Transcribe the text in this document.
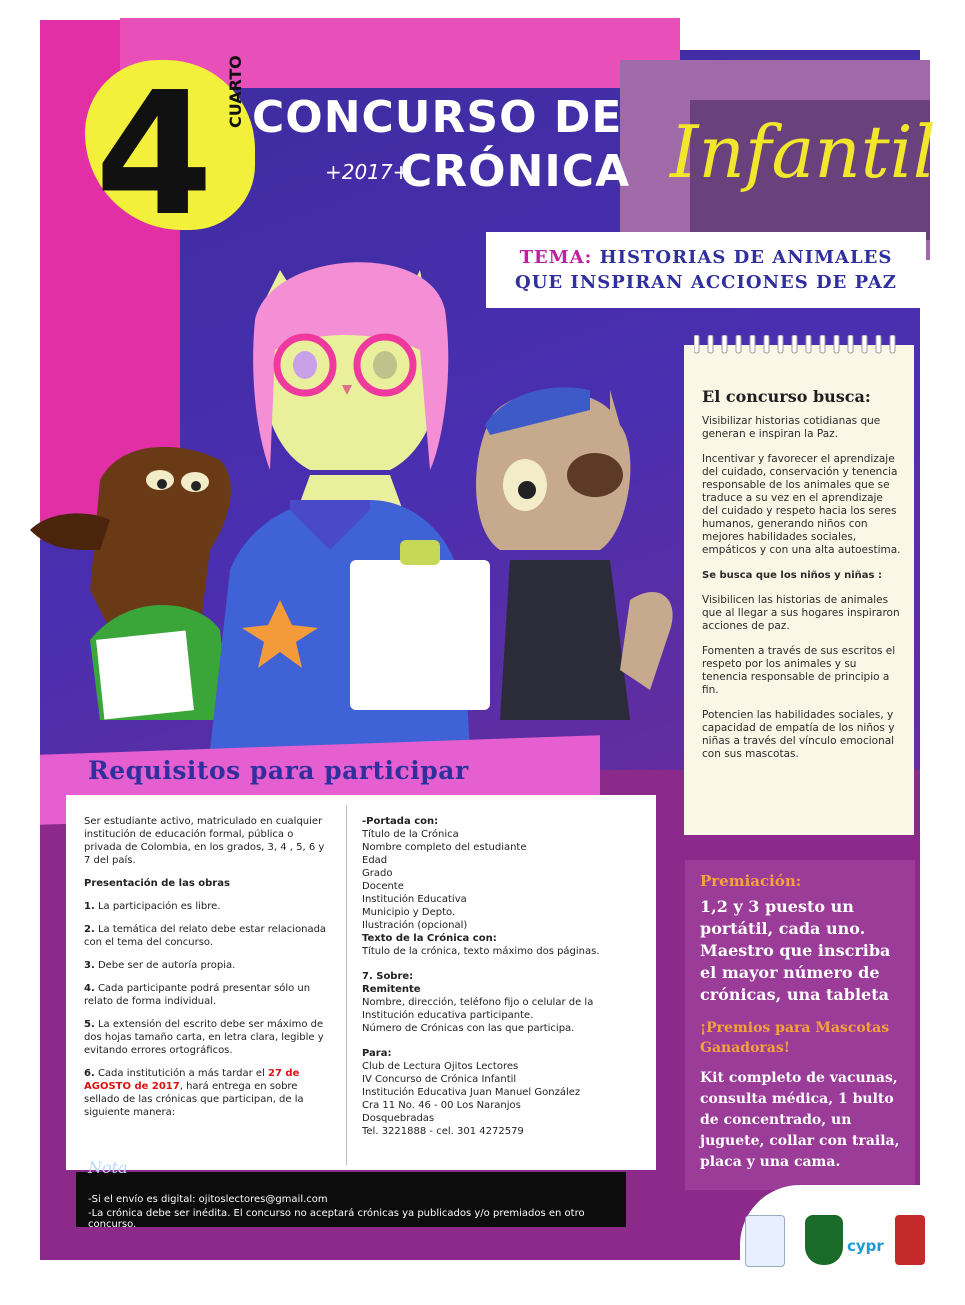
4 CUARTO CONCURSO DE
+2017+
CRÓNICA Infantil
TEMA: HISTORIAS DE ANIMALES
QUE INSPIRAN ACCIONES DE PAZ
Requisitos para participar

Ser estudiante activo, matriculado en cualquier institución de educación formal, pública o privada de Colombia, en los grados, 3, 4 , 5, 6 y 7 del país.

Presentación de las obras

1. La participación es libre.

2. La temática del relato debe estar relacionada con el tema del concurso.

3. Debe ser de autoría propia.

4. Cada participante podrá presentar sólo un relato de forma individual.

5. La extensión del escrito debe ser máximo de dos hojas tamaño carta, en letra clara, legible y evitando errores ortográficos.

6. Cada institutición a más tardar el 27 de AGOSTO de 2017, hará entrega en sobre sellado de las crónicas que participan, de la siguiente manera:

-Portada con:
Título de la Crónica
Nombre completo del estudiante
Edad
Grado
Docente
Institución Educativa
Municipio y Depto.
Ilustración (opcional)
Texto de la Crónica con:
Título de la crónica, texto máximo dos páginas.
7. Sobre:
Remitente
Nombre, dirección, teléfono fijo o celular de la Institución educativa participante.
Número de Crónicas con las que participa.
Para:
Club de Lectura Ojitos Lectores
IV Concurso de Crónica Infantil
Institución Educativa Juan Manuel González
Cra 11 No. 46 - 00 Los Naranjos
Dosquebradas
Tel. 3221888 - cel. 301 4272579
-Si el envío es digital: ojitoslectores@gmail.com
-La crónica debe ser inédita. El concurso no aceptará crónicas ya publicados y/o premiados en otro concurso.
Nota
El concurso busca:

Visibilizar historias cotidianas que generan e inspiran la Paz.

Incentivar y favorecer el aprendizaje del cuidado, conservación y tenencia responsable de los animales que se traduce a su vez en el aprendizaje del cuidado y respeto hacia los seres humanos, generando niños con mejores habilidades sociales, empáticos y con una alta autoestima.

Se busca que los niños y niñas :

Visibilicen las historias de animales que al llegar a sus hogares inspiraron acciones de paz.

Fomenten a través de sus escritos el respeto por los animales y su tenencia responsable de principio a fin.

Potencien las habilidades sociales, y capacidad de empatía de los niños y niñas a través del vínculo emocional con sus mascotas.

Premiación:
1,2 y 3 puesto un portátil, cada uno. Maestro que inscriba el mayor número de crónicas, una tableta
¡Premios para Mascotas Ganadoras!
Kit completo de vacunas, consulta médica, 1 bulto de concentrado, un juguete, collar con traila, placa y una cama.
cypr
